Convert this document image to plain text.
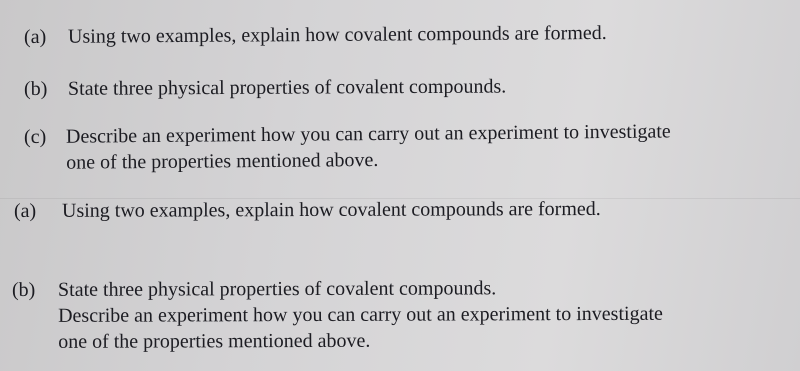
(a) Using two examples, explain how covalent compounds are formed.
(b) State three physical properties of covalent compounds.
(c) Describe an experiment how you can carry out an experiment to investigate
one of the properties mentioned above.
(a) Using two examples, explain how covalent compounds are formed.
(b) State three physical properties of covalent compounds.
Describe an experiment how you can carry out an experiment to investigate
one of the properties mentioned above.
